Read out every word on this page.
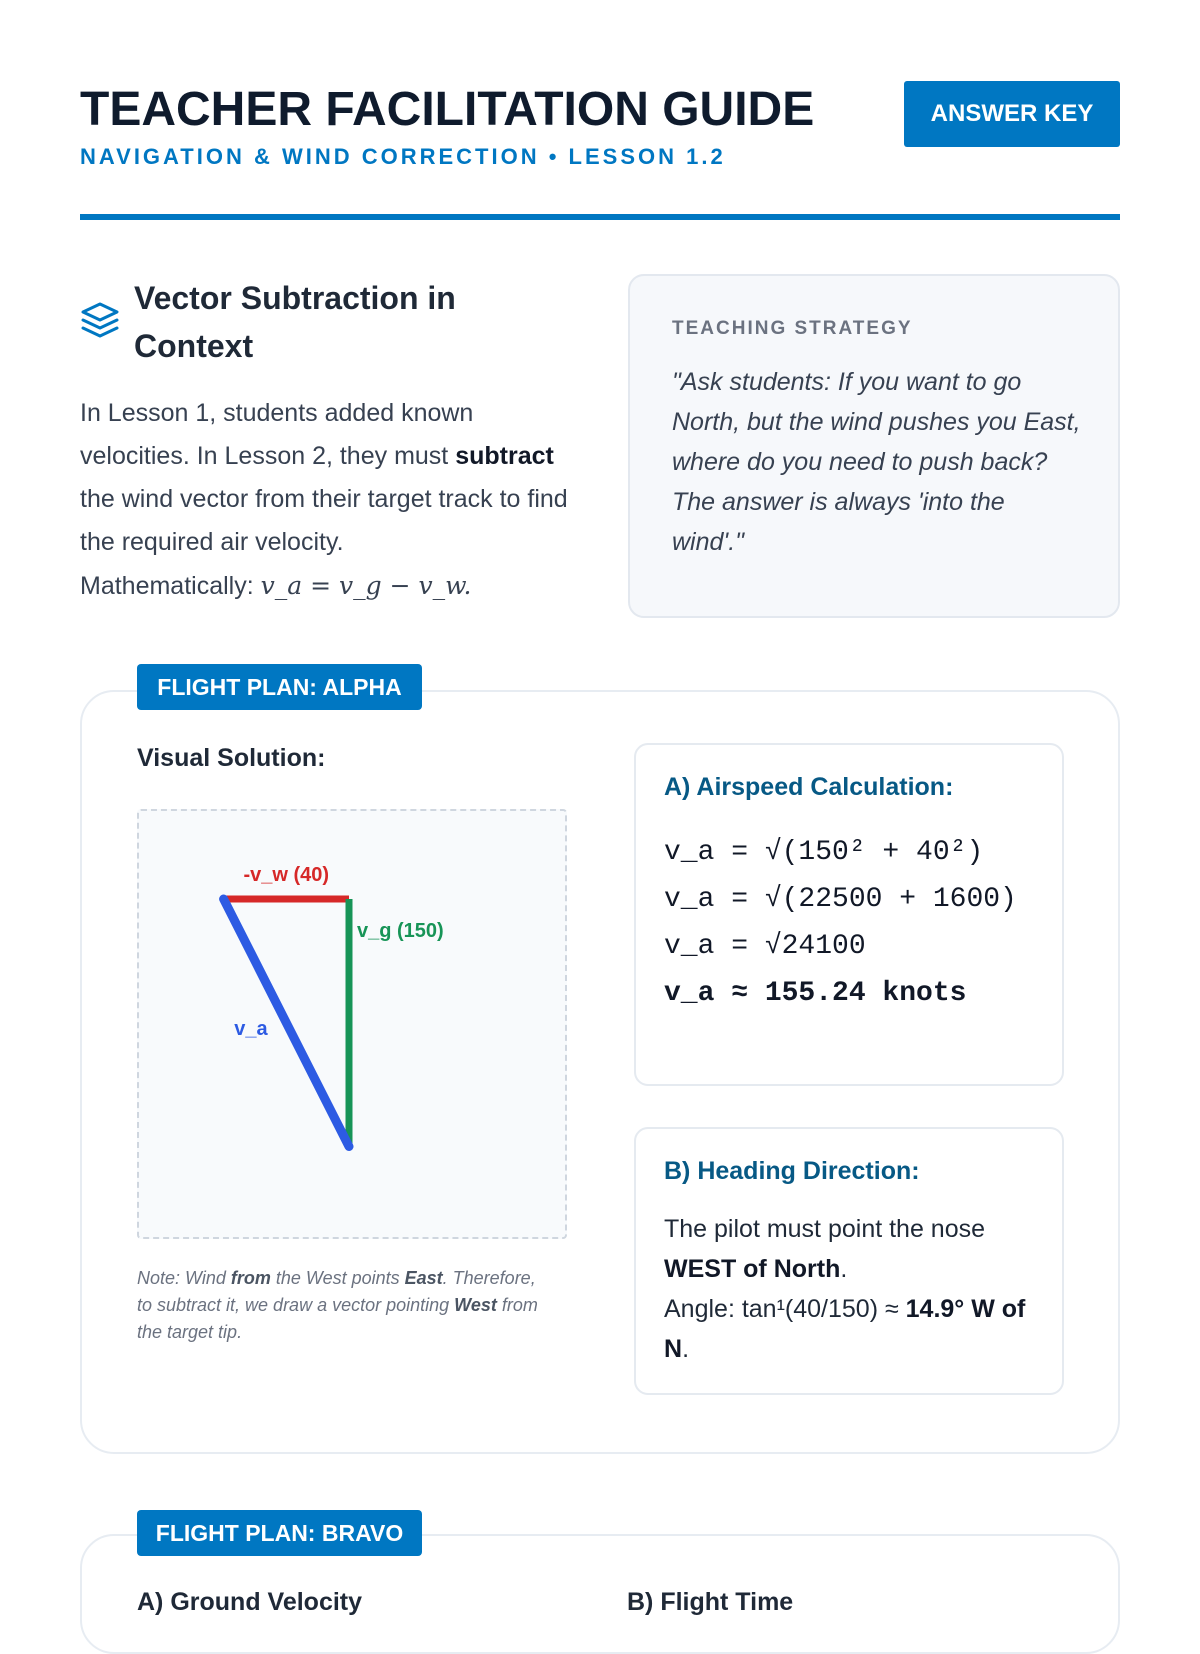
TEACHER FACILITATION GUIDE
NAVIGATION & WIND CORRECTION • LESSON 1.2
ANSWER KEY
Vector Subtraction in Context
In Lesson 1, students added known velocities. In Lesson 2, they must subtract the wind vector from their target track to find the required air velocity.
Mathematically: v_a = v_g − v_w.
TEACHING STRATEGY
"Ask students: If you want to go North, but the wind pushes you East, where do you need to push back? The answer is always 'into the wind'."
FLIGHT PLAN: ALPHA
Visual Solution:
-v_w (40)
v_g (150)
v_a
Note: Wind from the West points East. Therefore, to subtract it, we draw a vector pointing West from the target tip.
A) Airspeed Calculation:
v_a = √(150² + 40²)
v_a = √(22500 + 1600)
v_a = √24100
v_a ≈ 155.24 knots
B) Heading Direction:
The pilot must point the nose WEST of North.
Angle: tan¹(40/150) ≈ 14.9° W of N.
FLIGHT PLAN: BRAVO
A) Ground Velocity	B) Flight Time
